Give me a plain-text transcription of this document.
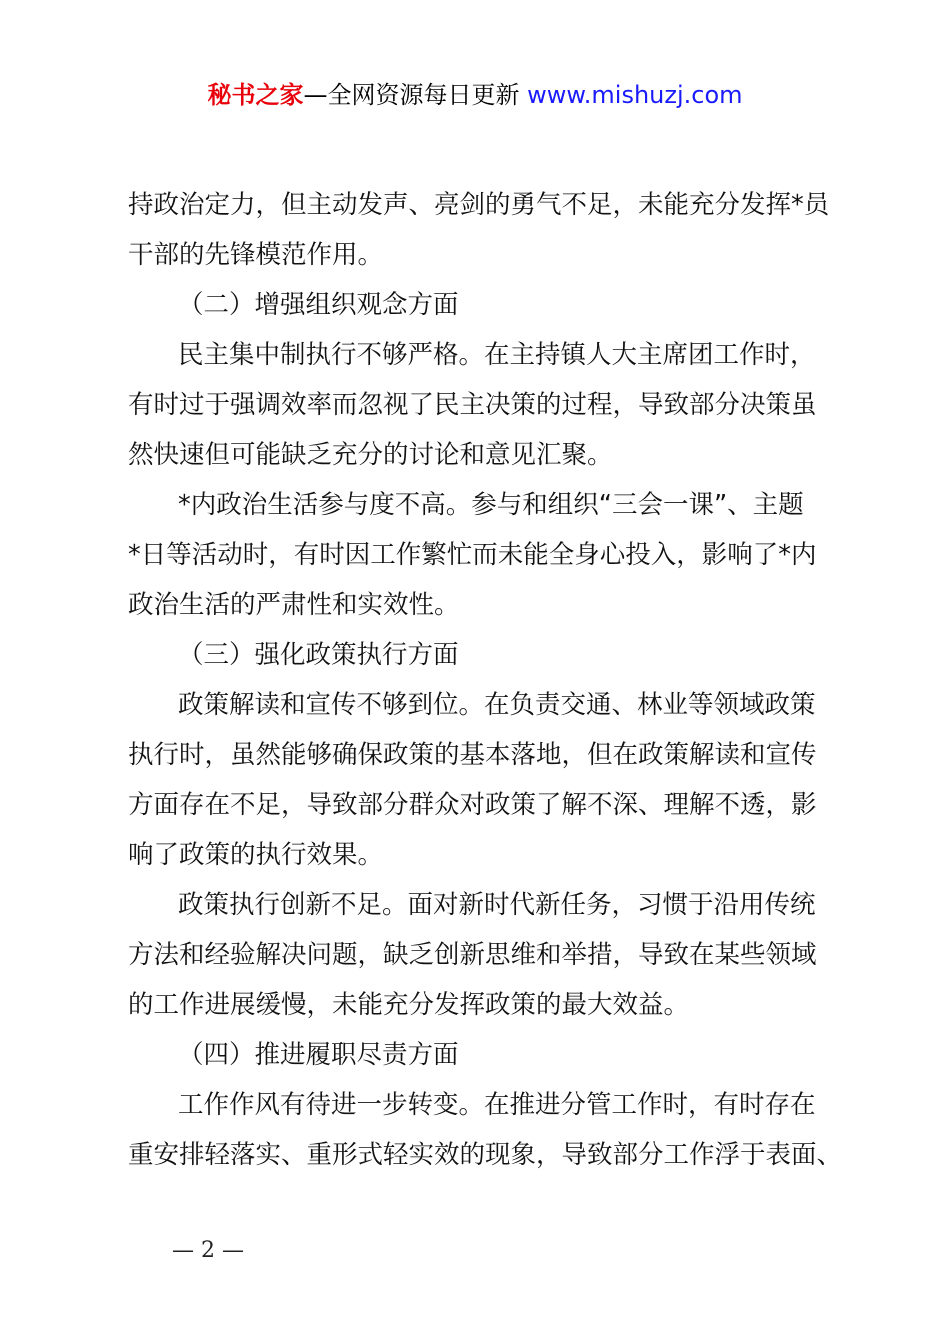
秘书之家—全网资源每日更新 www.mishuzj.com
持政治定力，但主动发声、亮剑的勇气不足，未能充分发挥*员
干部的先锋模范作用。
（二）增强组织观念方面
民主集中制执行不够严格。在主持镇人大主席团工作时，
有时过于强调效率而忽视了民主决策的过程，导致部分决策虽
然快速但可能缺乏充分的讨论和意见汇聚。
*内政治生活参与度不高。参与和组织“三会一课”、主题
*日等活动时，有时因工作繁忙而未能全身心投入，影响了*内
政治生活的严肃性和实效性。
（三）强化政策执行方面
政策解读和宣传不够到位。在负责交通、林业等领域政策
执行时，虽然能够确保政策的基本落地，但在政策解读和宣传
方面存在不足，导致部分群众对政策了解不深、理解不透，影
响了政策的执行效果。
政策执行创新不足。面对新时代新任务，习惯于沿用传统
方法和经验解决问题，缺乏创新思维和举措，导致在某些领域
的工作进展缓慢，未能充分发挥政策的最大效益。
（四）推进履职尽责方面
工作作风有待进一步转变。在推进分管工作时，有时存在
重安排轻落实、重形式轻实效的现象，导致部分工作浮于表面、
— 2 —
